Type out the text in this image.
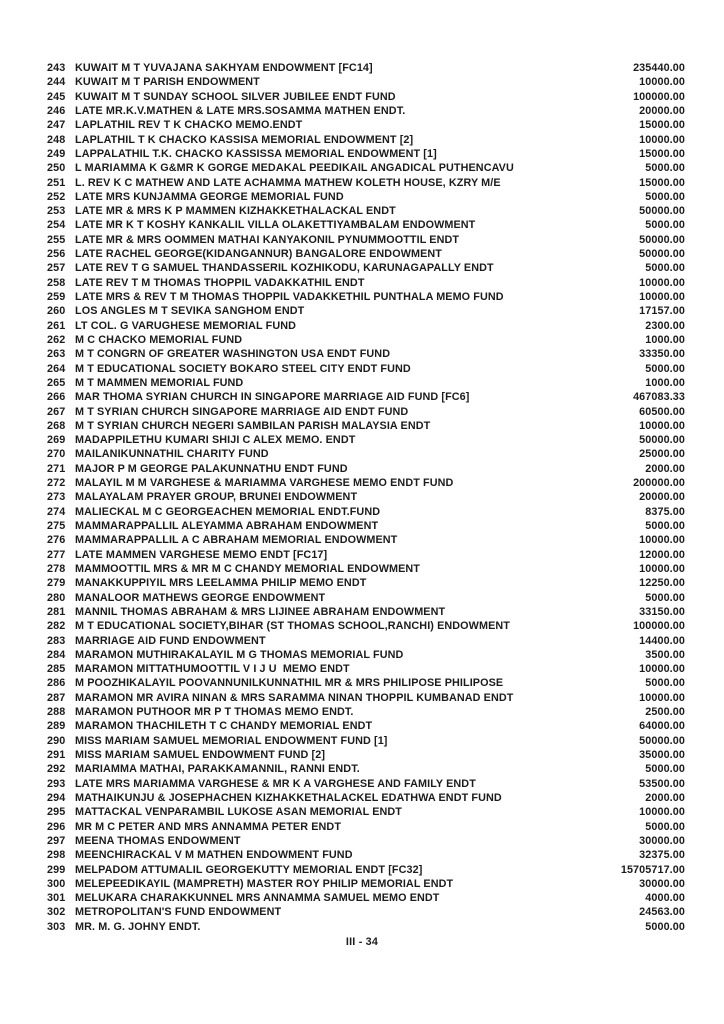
243 KUWAIT M T YUVAJANA SAKHYAM ENDOWMENT [FC14]	235440.00
244 KUWAIT M T PARISH ENDOWMENT	10000.00
245 KUWAIT M T SUNDAY SCHOOL SILVER JUBILEE ENDT FUND	100000.00
246 LATE MR.K.V.MATHEN & LATE MRS.SOSAMMA MATHEN ENDT.	20000.00
247 LAPLATHIL REV T K CHACKO MEMO.ENDT	15000.00
248 LAPLATHIL T K CHACKO KASSISA MEMORIAL ENDOWMENT [2]	10000.00
249 LAPPALATHIL T.K. CHACKO KASSISSA MEMORIAL ENDOWMENT [1]	15000.00
250 L MARIAMMA K G&MR K GORGE MEDAKAL PEEDIKAIL ANGADICAL PUTHENCAVU	5000.00
251 L. REV K C MATHEW AND LATE ACHAMMA MATHEW KOLETH HOUSE, KZRY M/E	15000.00
252 LATE MRS KUNJAMMA GEORGE MEMORIAL FUND	5000.00
253 LATE MR & MRS K P MAMMEN KIZHAKKETHALACKAL ENDT	50000.00
254 LATE MR K T KOSHY KANKALIL VILLA OLAKETTIYAMBALAM ENDOWMENT	5000.00
255 LATE MR & MRS OOMMEN MATHAI KANYAKONIL PYNUMMOOTTIL ENDT	50000.00
256 LATE RACHEL GEORGE(KIDANGANNUR) BANGALORE ENDOWMENT	50000.00
257 LATE REV T G SAMUEL THANDASSERIL KOZHIKODU, KARUNAGAPALLY ENDT	5000.00
258 LATE REV T M THOMAS THOPPIL VADAKKATHIL ENDT	10000.00
259 LATE MRS & REV T M THOMAS THOPPIL VADAKKETHIL PUNTHALA MEMO FUND	10000.00
260 LOS ANGLES M T SEVIKA SANGHOM ENDT	17157.00
261 LT COL. G VARUGHESE MEMORIAL FUND	2300.00
262 M C CHACKO MEMORIAL FUND	1000.00
263 M T CONGRN OF GREATER WASHINGTON USA ENDT FUND	33350.00
264 M T EDUCATIONAL SOCIETY BOKARO STEEL CITY ENDT FUND	5000.00
265 M T MAMMEN MEMORIAL FUND	1000.00
266 MAR THOMA SYRIAN CHURCH IN SINGAPORE MARRIAGE AID FUND [FC6]	467083.33
267 M T SYRIAN CHURCH SINGAPORE MARRIAGE AID ENDT FUND	60500.00
268 M T SYRIAN CHURCH NEGERI SAMBILAN PARISH MALAYSIA ENDT	10000.00
269 MADAPPILETHU KUMARI SHIJI C ALEX MEMO. ENDT	50000.00
270 MAILANIKUNNATHIL CHARITY FUND	25000.00
271 MAJOR P M GEORGE PALAKUNNATHU ENDT FUND	2000.00
272 MALAYIL M M VARGHESE & MARIAMMA VARGHESE MEMO ENDT FUND	200000.00
273 MALAYALAM PRAYER GROUP, BRUNEI ENDOWMENT	20000.00
274 MALIECKAL M C GEORGEACHEN MEMORIAL ENDT.FUND	8375.00
275 MAMMARAPPALLIL ALEYAMMA ABRAHAM ENDOWMENT	5000.00
276 MAMMARAPPALLIL A C ABRAHAM MEMORIAL ENDOWMENT	10000.00
277 LATE MAMMEN VARGHESE MEMO ENDT [FC17]	12000.00
278 MAMMOOTTIL MRS & MR M C CHANDY MEMORIAL ENDOWMENT	10000.00
279 MANAKKUPPIYIL MRS LEELAMMA PHILIP MEMO ENDT	12250.00
280 MANALOOR MATHEWS GEORGE ENDOWMENT	5000.00
281 MANNIL THOMAS ABRAHAM & MRS LIJINEE ABRAHAM ENDOWMENT	33150.00
282 M T EDUCATIONAL SOCIETY,BIHAR (ST THOMAS SCHOOL,RANCHI) ENDOWMENT	100000.00
283 MARRIAGE AID FUND ENDOWMENT	14400.00
284 MARAMON MUTHIRAKALAYIL M G THOMAS MEMORIAL FUND	3500.00
285 MARAMON MITTATHUMOOTTIL V I J U  MEMO ENDT	10000.00
286 M POOZHIKALAYIL POOVANNUNILKUNNATHIL MR & MRS PHILIPOSE PHILIPOSE	5000.00
287 MARAMON MR AVIRA NINAN & MRS SARAMMA NINAN THOPPIL KUMBANAD ENDT	10000.00
288 MARAMON PUTHOOR MR P T THOMAS MEMO ENDT.	2500.00
289 MARAMON THACHILETH T C CHANDY MEMORIAL ENDT	64000.00
290 MISS MARIAM SAMUEL MEMORIAL ENDOWMENT FUND [1]	50000.00
291 MISS MARIAM SAMUEL ENDOWMENT FUND [2]	35000.00
292 MARIAMMA MATHAI, PARAKKAMANNIL, RANNI ENDT.	5000.00
293 LATE MRS MARIAMMA VARGHESE & MR K A VARGHESE AND FAMILY ENDT	53500.00
294 MATHAIKUNJU & JOSEPHACHEN KIZHAKKETHALACKEL EDATHWA ENDT FUND	2000.00
295 MATTACKAL VENPARAMBIL LUKOSE ASAN MEMORIAL ENDT	10000.00
296 MR M C PETER AND MRS ANNAMMA PETER ENDT	5000.00
297 MEENA THOMAS ENDOWMENT	30000.00
298 MEENCHIRACKAL V M MATHEN ENDOWMENT FUND	32375.00
299 MELPADOM ATTUMALIL GEORGEKUTTY MEMORIAL ENDT [FC32]	15705717.00
300 MELEPEEDIKAYIL (MAMPRETH) MASTER ROY PHILIP MEMORIAL ENDT	30000.00
301 MELUKARA CHARAKKUNNEL MRS ANNAMMA SAMUEL MEMO ENDT	4000.00
302 METROPOLITAN'S FUND ENDOWMENT	24563.00
303 MR. M. G. JOHNY ENDT.	5000.00
III - 34
